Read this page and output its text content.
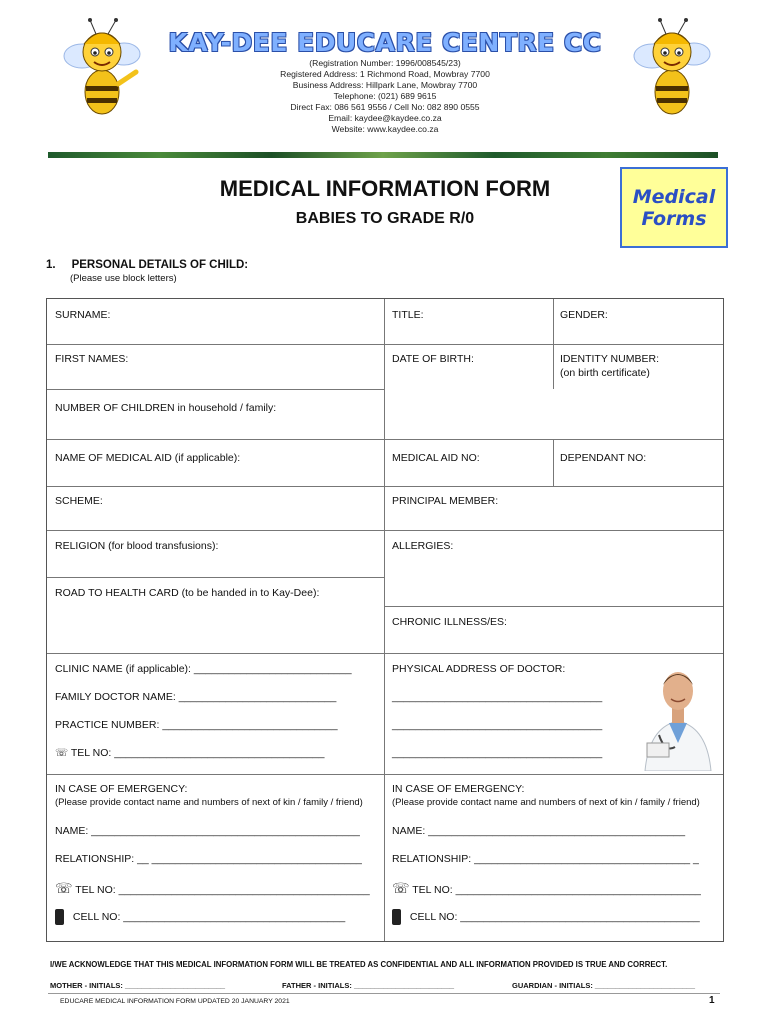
KAY-DEE EDUCARE CENTRE CC
(Registration Number: 1996/008545/23)
Registered Address: 1 Richmond Road, Mowbray 7700
Business Address: Hillpark Lane, Mowbray 7700
Telephone: (021) 689 9615
Direct Fax: 086 561 9556 / Cell No: 082 890 0555
Email: kaydee@kaydee.co.za
Website: www.kaydee.co.za
MEDICAL INFORMATION FORM
BABIES TO GRADE R/0
Medical
Forms
1. PERSONAL DETAILS OF CHILD:
(Please use block letters)
SURNAME:	TITLE:	GENDER:
FIRST NAMES:	DATE OF BIRTH:	IDENTITY NUMBER:
(on birth certificate)
NUMBER OF CHILDREN in household / family:
NAME OF MEDICAL AID (if applicable):	MEDICAL AID NO:	DEPENDANT NO:
SCHEME:	PRINCIPAL MEMBER:
RELIGION (for blood transfusions):	ALLERGIES:
ROAD TO HEALTH CARD (to be handed in to Kay-Dee):
CHRONIC ILLNESS/ES:
CLINIC NAME (if applicable): ___________________________
FAMILY DOCTOR NAME: ___________________________
PRACTICE NUMBER: ______________________________
☏ TEL NO: ____________________________________
PHYSICAL ADDRESS OF DOCTOR:
____________________________________
____________________________________
____________________________________
IN CASE OF EMERGENCY:
(Please provide contact name and numbers of next of kin / family / friend)
IN CASE OF EMERGENCY:
(Please provide contact name and numbers of next of kin / family / friend)
NAME: ______________________________________________
RELATIONSHIP: __ ____________________________________
☏ TEL NO: ___________________________________________
CELL NO: ______________________________________
NAME: ____________________________________________
RELATIONSHIP: _____________________________________ _
☏ TEL NO: __________________________________________
CELL NO: _________________________________________
I/WE ACKNOWLEDGE THAT THIS MEDICAL INFORMATION FORM WILL BE TREATED AS CONFIDENTIAL AND ALL INFORMATION PROVIDED IS TRUE AND CORRECT.
MOTHER - INITIALS: ________________________	FATHER - INITIALS: ________________________	GUARDIAN - INITIALS: ________________________
EDUCARE MEDICAL INFORMATION FORM UPDATED 20 JANUARY 2021	1
